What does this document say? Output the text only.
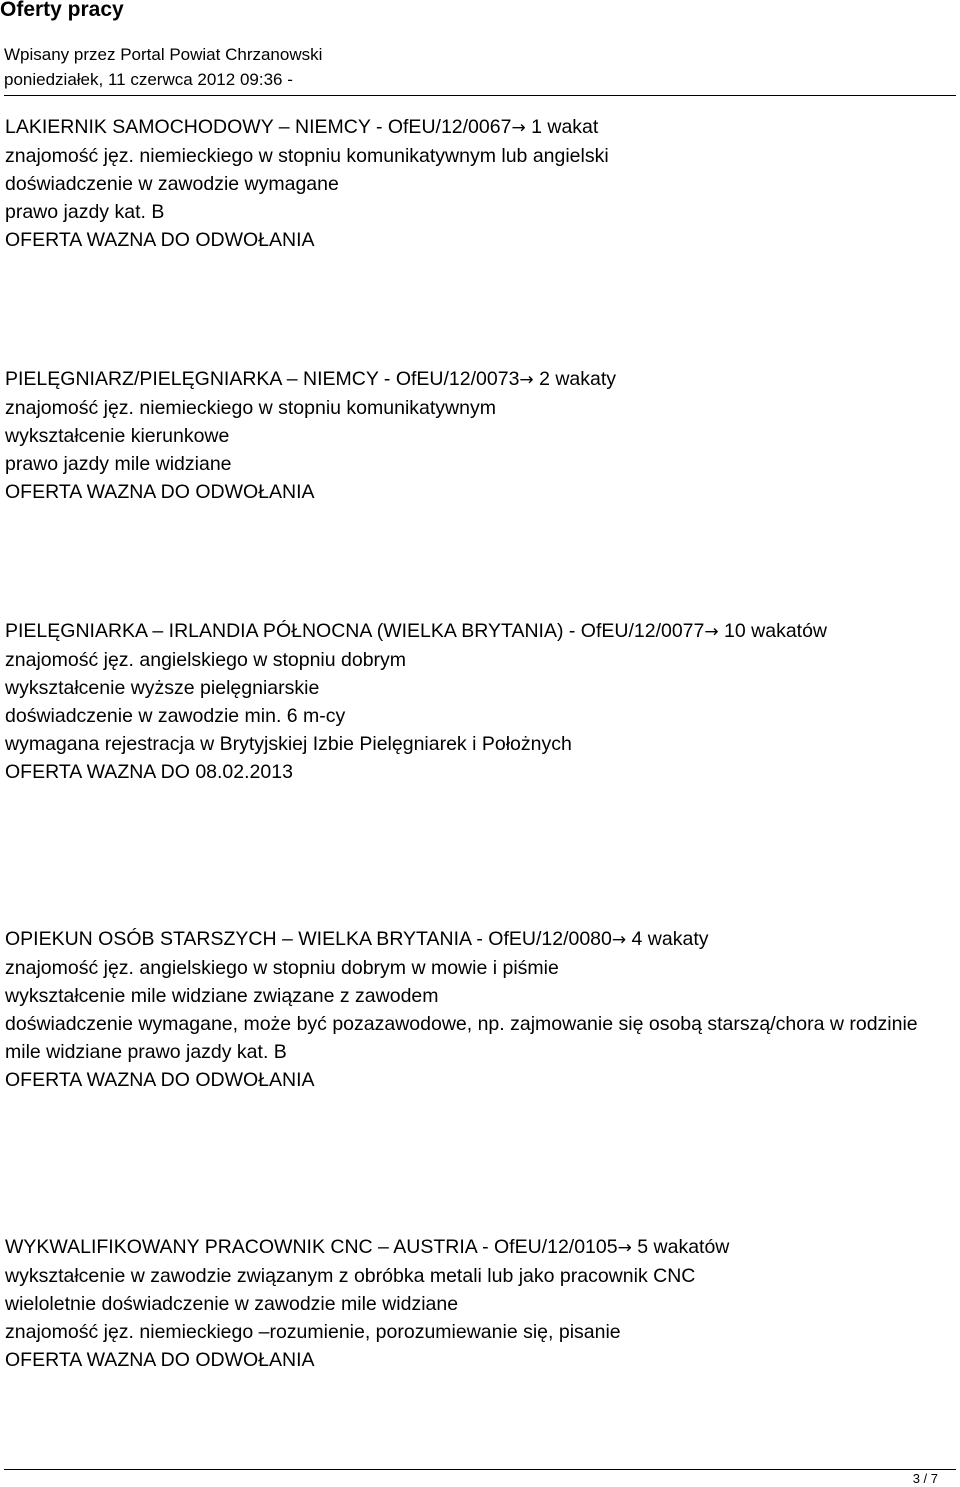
Oferty pracy
Wpisany przez Portal Powiat Chrzanowski
poniedziałek, 11 czerwca 2012 09:36 -
LAKIERNIK SAMOCHODOWY – NIEMCY - OfEU/12/0067→ 1 wakat
znajomość jęz. niemieckiego w stopniu komunikatywnym lub angielski
doświadczenie w zawodzie wymagane
prawo jazdy kat. B
OFERTA WAZNA DO ODWOŁANIA
PIELĘGNIARZ/PIELĘGNIARKA – NIEMCY - OfEU/12/0073→ 2 wakaty
znajomość jęz. niemieckiego w stopniu komunikatywnym
wykształcenie kierunkowe
prawo jazdy mile widziane
OFERTA WAZNA DO ODWOŁANIA
PIELĘGNIARKA – IRLANDIA PÓŁNOCNA (WIELKA BRYTANIA) - OfEU/12/0077→ 10 wakatów
znajomość jęz. angielskiego w stopniu dobrym
wykształcenie wyższe pielęgniarskie
doświadczenie w zawodzie min. 6 m-cy
wymagana rejestracja w Brytyjskiej Izbie Pielęgniarek i Położnych
OFERTA WAZNA DO 08.02.2013
OPIEKUN OSÓB STARSZYCH – WIELKA BRYTANIA - OfEU/12/0080→ 4 wakaty
znajomość jęz. angielskiego w stopniu dobrym w mowie i piśmie
wykształcenie mile widziane związane z zawodem
doświadczenie wymagane, może być pozazawodowe, np. zajmowanie się osobą starszą/chora w rodzinie
mile widziane prawo jazdy kat. B
OFERTA WAZNA DO ODWOŁANIA
WYKWALIFIKOWANY PRACOWNIK CNC – AUSTRIA - OfEU/12/0105→ 5 wakatów
wykształcenie w zawodzie związanym z obróbka metali lub jako pracownik CNC
wieloletnie doświadczenie w zawodzie mile widziane
znajomość jęz. niemieckiego –rozumienie, porozumiewanie się, pisanie
OFERTA WAZNA DO ODWOŁANIA
3 / 7
